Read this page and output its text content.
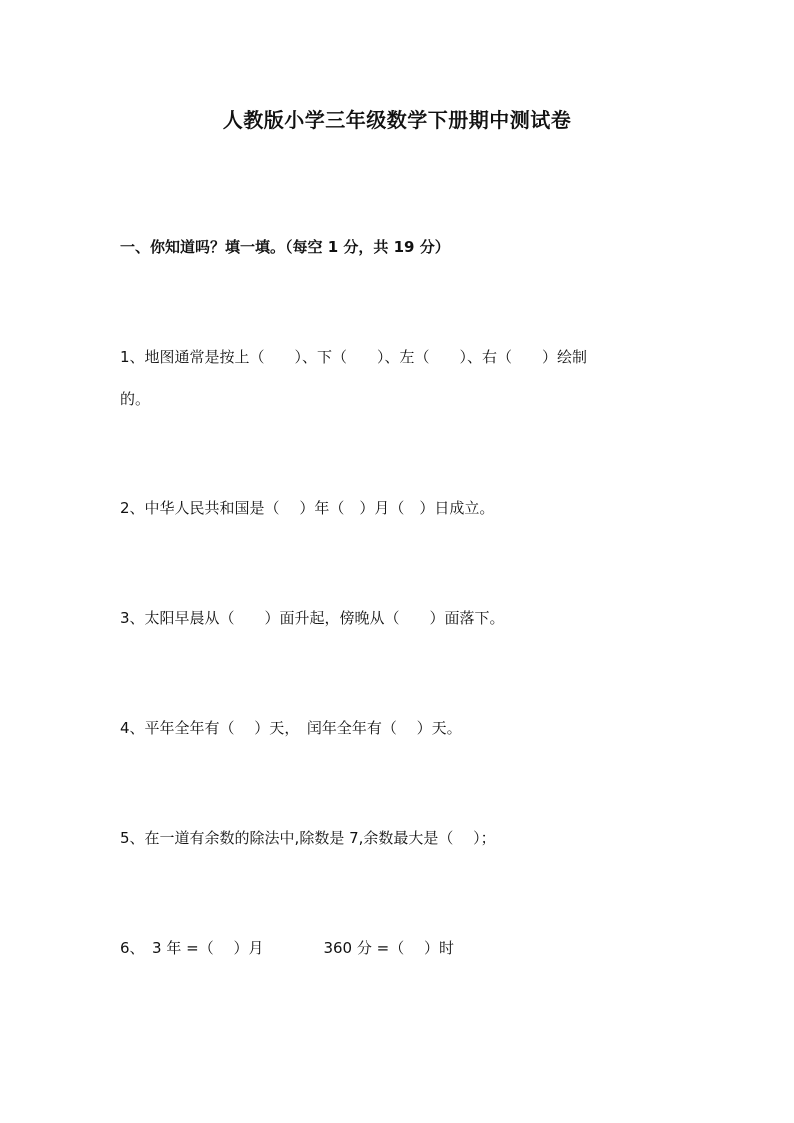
人教版小学三年级数学下册期中测试卷
一、你知道吗？填一填。（每空 1 分，共 19 分）
1、地图通常是按上（　　）、下（　　）、左（　　）、右（　　）绘制
的。
2、中华人民共和国是（　 ）年（　）月（　）日成立。
3、太阳早晨从（　　）面升起，傍晚从（　　）面落下。
4、平年全年有（　 ）天，　闰年全年有（　 ）天。
5、在一道有余数的除法中,除数是 7,余数最大是（　 ）；
6、　3 年 =（　 ）月　　　　360 分 =（　 ）时
